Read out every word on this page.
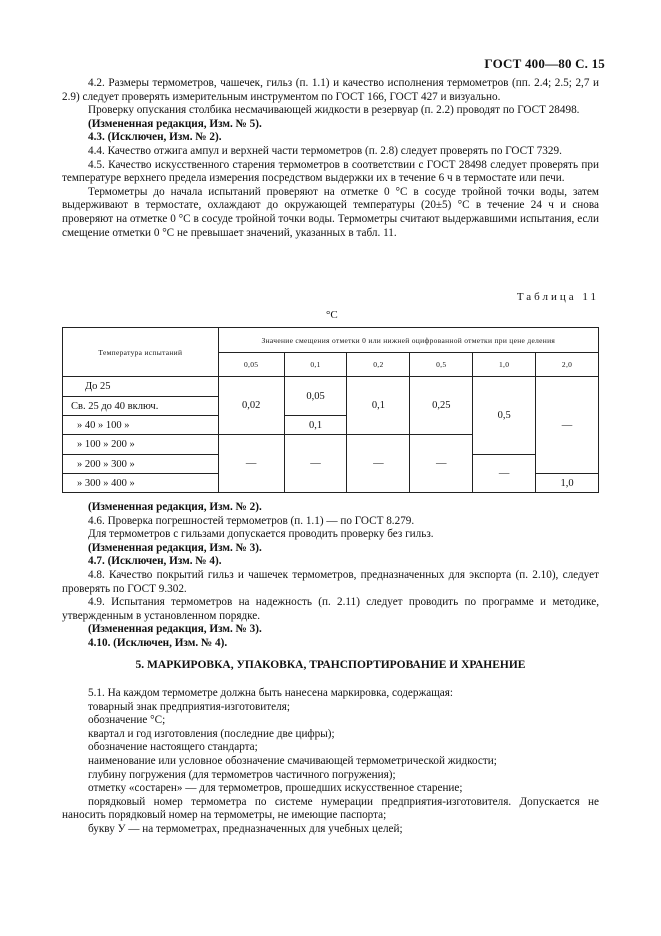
ГОСТ 400—80 С. 15

4.2. Размеры термометров, чашечек, гильз (п. 1.1) и качество исполнения термометров (пп. 2.4; 2.5; 2,7 и 2.9) следует проверять измерительным инструментом по ГОСТ 166, ГОСТ 427 и визуально.

Проверку опускания столбика несмачивающей жидкости в резервуар (п. 2.2) проводят по ГОСТ 28498.

(Измененная редакция, Изм. № 5).

4.3. (Исключен, Изм. № 2).

4.4. Качество отжига ампул и верхней части термометров (п. 2.8) следует проверять по ГОСТ 7329.

4.5. Качество искусственного старения термометров в соответствии с ГОСТ 28498 следует проверять при температуре верхнего предела измерения посредством выдержки их в течение 6 ч в термостате или печи.

Термометры до начала испытаний проверяют на отметке 0 °С в сосуде тройной точки воды, затем выдерживают в термостате, охлаждают до окружающей температуры (20±5) °С в течение 24 ч и снова проверяют на отметке 0 °С в сосуде тройной точки воды. Термометры считают выдержавшими испытания, если смещение отметки 0 °С не превышает значений, указанных в табл. 11.

Таблица 11
°С
Температура испытаний	Значение смещения отметки 0 или нижней оцифрованной отметки при цене деления					
	0,05	0,1	0,2	0,5	1,0	2,0
До 25	0,02	0,05	0,1	0,25	0,5	—
Св. 25 до 40 включ.						
» 40 » 100 »		0,1				
» 100 » 200 »	—	—	—	—		
» 200 » 300 »					—	
» 300 » 400 »						1,0

(Измененная редакция, Изм. № 2).

4.6. Проверка погрешностей термометров (п. 1.1) — по ГОСТ 8.279.

Для термометров с гильзами допускается проводить проверку без гильз.

(Измененная редакция, Изм. № 3).

4.7. (Исключен, Изм. № 4).

4.8. Качество покрытий гильз и чашечек термометров, предназначенных для экспорта (п. 2.10), следует проверять по ГОСТ 9.302.

4.9. Испытания термометров на надежность (п. 2.11) следует проводить по программе и методике, утвержденным в установленном порядке.

(Измененная редакция, Изм. № 3).

4.10. (Исключен, Изм. № 4).

5. МАРКИРОВКА, УПАКОВКА, ТРАНСПОРТИРОВАНИЕ И ХРАНЕНИЕ

5.1. На каждом термометре должна быть нанесена маркировка, содержащая:

товарный знак предприятия-изготовителя;

обозначение °С;

квартал и год изготовления (последние две цифры);

обозначение настоящего стандарта;

наименование или условное обозначение смачивающей термометрической жидкости;

глубину погружения (для термометров частичного погружения);

отметку «состарен» — для термометров, прошедших искусственное старение;

порядковый номер термометра по системе нумерации предприятия-изготовителя. Допускается не наносить порядковый номер на термометры, не имеющие паспорта;

букву У — на термометрах, предназначенных для учебных целей;
